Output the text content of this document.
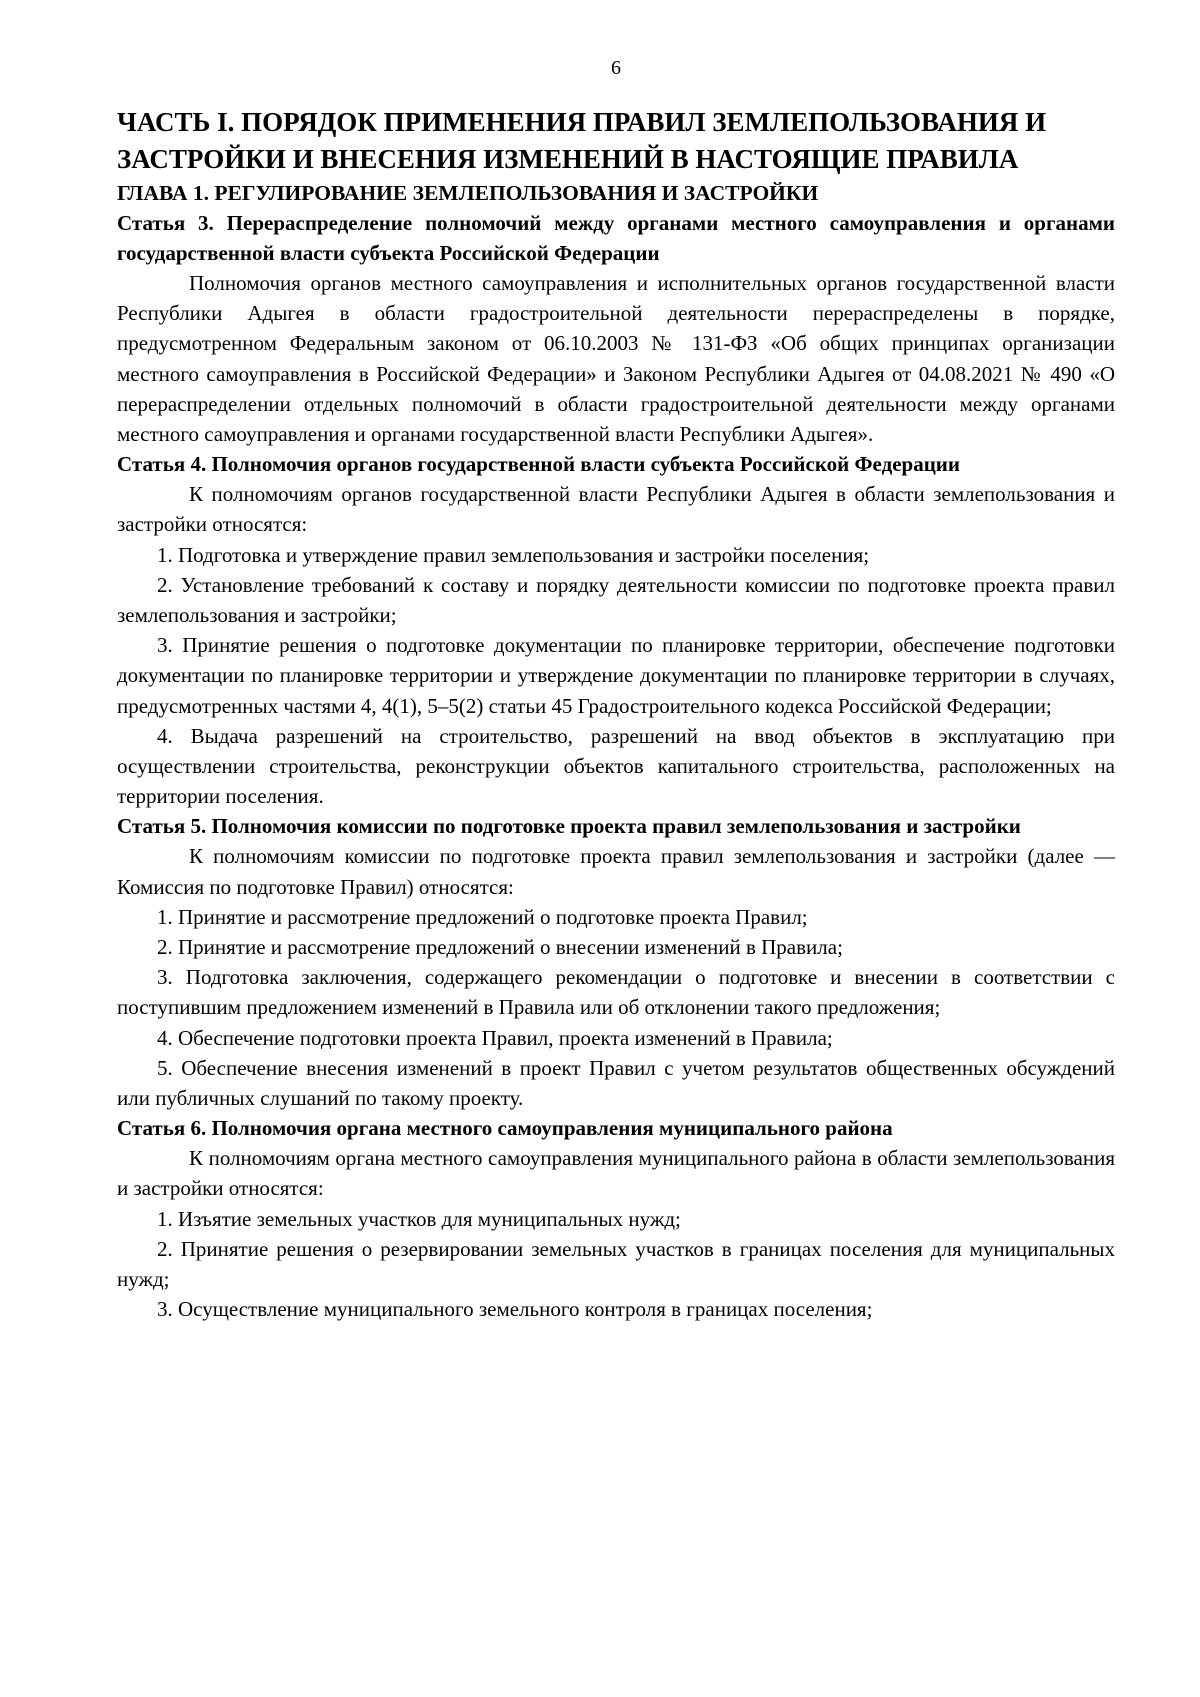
6
ЧАСТЬ I. ПОРЯДОК ПРИМЕНЕНИЯ ПРАВИЛ ЗЕМЛЕПОЛЬЗОВАНИЯ И ЗАСТРОЙКИ И ВНЕСЕНИЯ ИЗМЕНЕНИЙ В НАСТОЯЩИЕ ПРАВИЛА
ГЛАВА 1. РЕГУЛИРОВАНИЕ ЗЕМЛЕПОЛЬЗОВАНИЯ И ЗАСТРОЙКИ
Статья 3. Перераспределение полномочий между органами местного самоуправления и органами государственной власти субъекта Российской Федерации

Полномочия органов местного самоуправления и исполнительных органов государственной власти Республики Адыгея в области градостроительной деятельности перераспределены в порядке, предусмотренном Федеральным законом от 06.10.2003 № 131-ФЗ «Об общих принципах организации местного самоуправления в Российской Федерации» и Законом Республики Адыгея от 04.08.2021 № 490 «О перераспределении отдельных полномочий в области градостроительной деятельности между органами местного самоуправления и органами государственной власти Республики Адыгея».

Статья 4. Полномочия органов государственной власти субъекта Российской Федерации

К полномочиям органов государственной власти Республики Адыгея в области землепользования и застройки относятся:

1. Подготовка и утверждение правил землепользования и застройки поселения;

2. Установление требований к составу и порядку деятельности комиссии по подготовке проекта правил землепользования и застройки;

3. Принятие решения о подготовке документации по планировке территории, обеспечение подготовки документации по планировке территории и утверждение документации по планировке территории в случаях, предусмотренных частями 4, 4(1), 5–5(2) статьи 45 Градостроительного кодекса Российской Федерации;

4. Выдача разрешений на строительство, разрешений на ввод объектов в эксплуатацию при осуществлении строительства, реконструкции объектов капитального строительства, расположенных на территории поселения.

Статья 5. Полномочия комиссии по подготовке проекта правил землепользования и застройки

К полномочиям комиссии по подготовке проекта правил землепользования и застройки (далее — Комиссия по подготовке Правил) относятся:

1. Принятие и рассмотрение предложений о подготовке проекта Правил;

2. Принятие и рассмотрение предложений о внесении изменений в Правила;

3. Подготовка заключения, содержащего рекомендации о подготовке и внесении в соответствии с поступившим предложением изменений в Правила или об отклонении такого предложения;

4. Обеспечение подготовки проекта Правил, проекта изменений в Правила;

5. Обеспечение внесения изменений в проект Правил с учетом результатов общественных обсуждений или публичных слушаний по такому проекту.

Статья 6. Полномочия органа местного самоуправления муниципального района

К полномочиям органа местного самоуправления муниципального района в области землепользования и застройки относятся:

1. Изъятие земельных участков для муниципальных нужд;

2. Принятие решения о резервировании земельных участков в границах поселения для муниципальных нужд;

3. Осуществление муниципального земельного контроля в границах поселения;
